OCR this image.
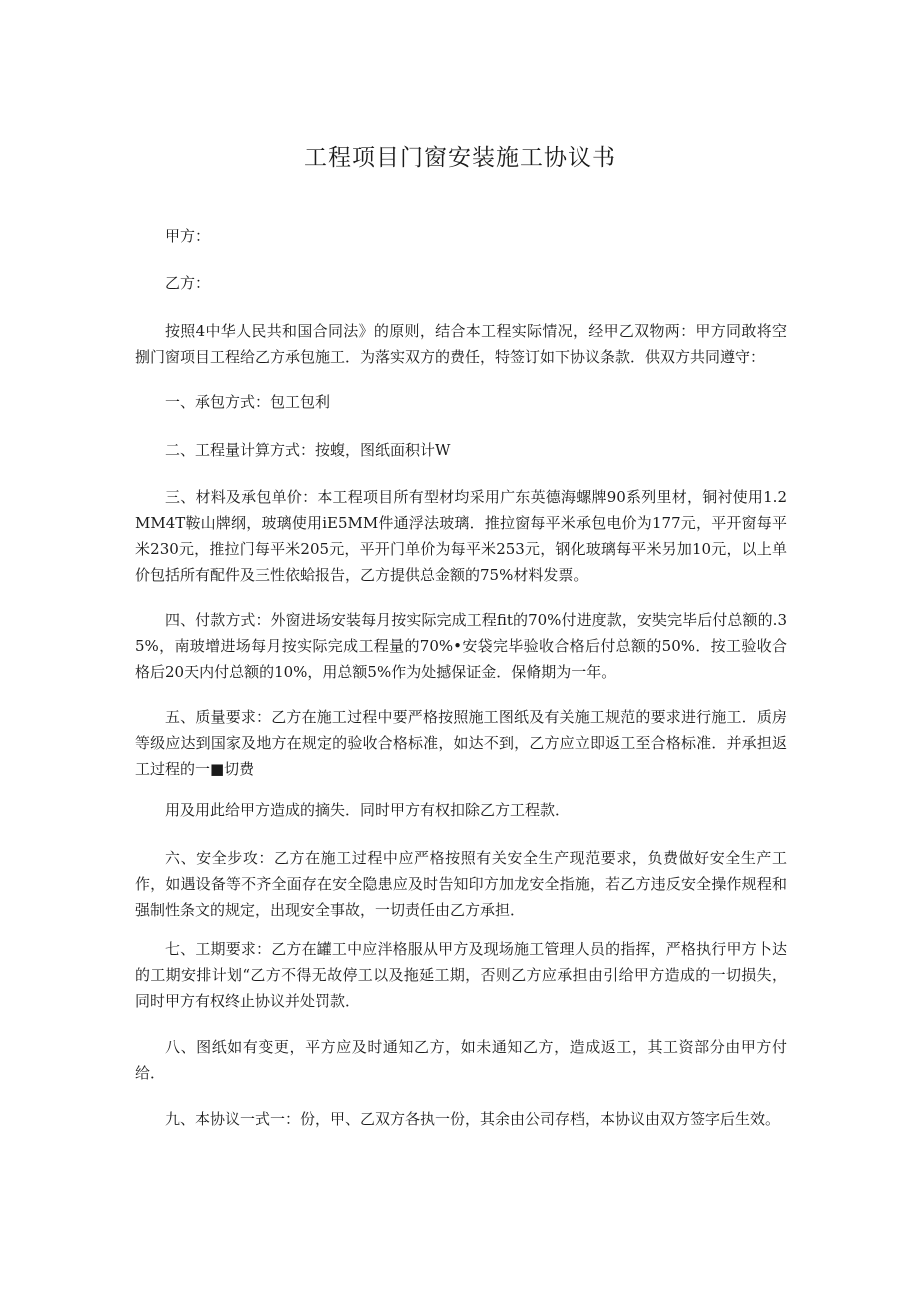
工程项目门窗安装施工协议书

甲方：

乙方：

按照4中华人民共和国合同法》的原则，结合本工程实际情况，经甲乙双物两：甲方同敢将空捌门窗项目工程给乙方承包施工．为落实双方的费任，特签订如下协议条款．供双方共同遵守：

一、承包方式：包工包利

二、工程量计算方式：按蝮，图纸面积计W

三、材料及承包单价：本工程项目所有型材均采用广东英德海螺牌90系列里材，铜衬使用1.2MM4T鞍山牌纲，玻璃使用iE5MM件通浮法玻璃．推拉窗每平米承包电价为177元，平开窗每平米230元，推拉门每平米205元，平开门单价为每平米253元，钢化玻璃每平米另加10元，以上单价包括所有配件及三性依蛤报告，乙方提供总金额的75%材料发票。

四、付款方式：外窗进场安装每月按实际完成工程fit的70%付进度款，安奘完毕后付总额的.35%，南玻增进场每月按实际完成工程量的70%•安袋完毕验收合格后付总额的50%．按工验收合格后20天内付总额的10%，用总额5%作为处撼保证金．保脩期为一年。

五、质量要求：乙方在施工过程中要严格按照施工图纸及有关施工规范的要求进行施工．质房等级应达到国家及地方在规定的验收合格标准，如达不到，乙方应立即返工至合格标准．并承担返工过程的一■切费

用及用此给甲方造成的摘失．同时甲方有权扣除乙方工程款．

六、安全步攻：乙方在施工过程中应严格按照有关安全生产现范要求，负费做好安全生产工作，如遇设备等不齐全面存在安全隐患应及时告知印方加龙安全指施，若乙方违反安全操作规程和强制性条文的规定，出现安全事故，一切责任由乙方承担．

七、工期要求：乙方在罐工中应泮格服从甲方及现场施工管理人员的指挥，严格执行甲方卜达的工期安排计划“乙方不得无故停工以及拖延工期，否则乙方应承担由引给甲方造成的一切损失，同时甲方有权终止协议并处罚款．

八、图纸如有变更，平方应及时通知乙方，如未通知乙方，造成返工，其工资部分由甲方付给．

九、本协议一式一：份，甲、乙双方各执一份，其余由公司存档，本协议由双方签字后生效。
